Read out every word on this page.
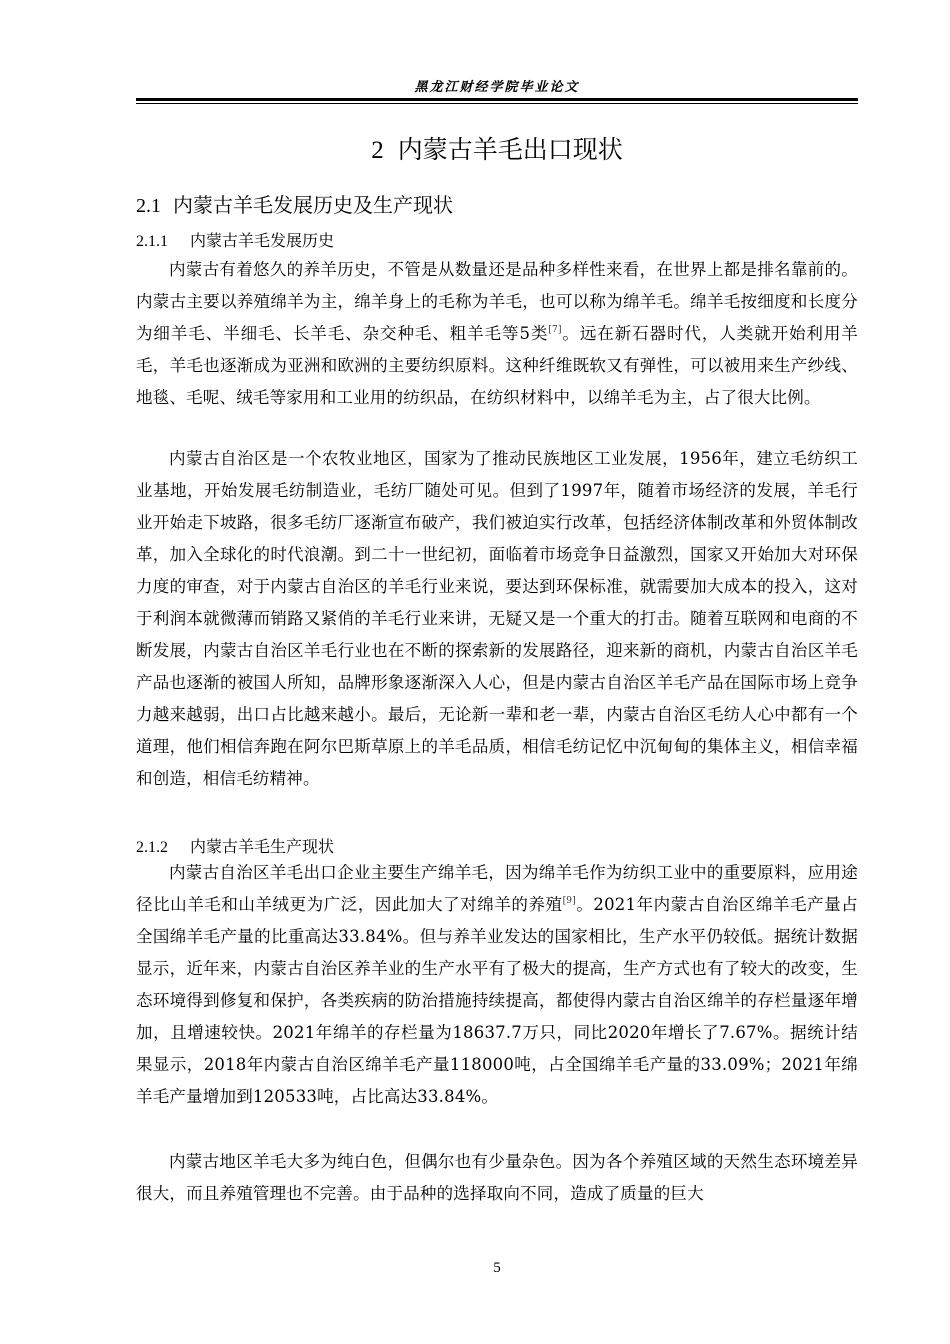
黑龙江财经学院毕业论文
2 内蒙古羊毛出口现状
2.1 内蒙古羊毛发展历史及生产现状
2.1.1 内蒙古羊毛发展历史

内蒙古有着悠久的养羊历史，不管是从数量还是品种多样性来看，在世界上都是排名靠前的。内蒙古主要以养殖绵羊为主，绵羊身上的毛称为羊毛，也可以称为绵羊毛。绵羊毛按细度和长度分为细羊毛、半细毛、长羊毛、杂交种毛、粗羊毛等5类[7]。远在新石器时代，人类就开始利用羊毛，羊毛也逐渐成为亚洲和欧洲的主要纺织原料。这种纤维既软又有弹性，可以被用来生产纱线、地毯、毛呢、绒毛等家用和工业用的纺织品，在纺织材料中，以绵羊毛为主，占了很大比例。

内蒙古自治区是一个农牧业地区，国家为了推动民族地区工业发展，1956年，建立毛纺织工业基地，开始发展毛纺制造业，毛纺厂随处可见。但到了1997年，随着市场经济的发展，羊毛行业开始走下坡路，很多毛纺厂逐渐宣布破产，我们被迫实行改革，包括经济体制改革和外贸体制改革，加入全球化的时代浪潮。到二十一世纪初，面临着市场竞争日益激烈，国家又开始加大对环保力度的审查，对于内蒙古自治区的羊毛行业来说，要达到环保标准，就需要加大成本的投入，这对于利润本就微薄而销路又紧俏的羊毛行业来讲，无疑又是一个重大的打击。随着互联网和电商的不断发展，内蒙古自治区羊毛行业也在不断的探索新的发展路径，迎来新的商机，内蒙古自治区羊毛产品也逐渐的被国人所知，品牌形象逐渐深入人心，但是内蒙古自治区羊毛产品在国际市场上竞争力越来越弱，出口占比越来越小。最后，无论新一辈和老一辈，内蒙古自治区毛纺人心中都有一个道理，他们相信奔跑在阿尔巴斯草原上的羊毛品质，相信毛纺记忆中沉甸甸的集体主义，相信幸福和创造，相信毛纺精神。

2.1.2 内蒙古羊毛生产现状

内蒙古自治区羊毛出口企业主要生产绵羊毛，因为绵羊毛作为纺织工业中的重要原料，应用途径比山羊毛和山羊绒更为广泛，因此加大了对绵羊的养殖[9]。2021年内蒙古自治区绵羊毛产量占全国绵羊毛产量的比重高达33.84%。但与养羊业发达的国家相比，生产水平仍较低。据统计数据显示，近年来，内蒙古自治区养羊业的生产水平有了极大的提高，生产方式也有了较大的改变，生态环境得到修复和保护，各类疾病的防治措施持续提高，都使得内蒙古自治区绵羊的存栏量逐年增加，且增速较快。2021年绵羊的存栏量为18637.7万只，同比2020年增长了7.67%。据统计结果显示，2018年内蒙古自治区绵羊毛产量118000吨，占全国绵羊毛产量的33.09%；2021年绵羊毛产量增加到120533吨，占比高达33.84%。

内蒙古地区羊毛大多为纯白色，但偶尔也有少量杂色。因为各个养殖区域的天然生态环境差异很大，而且养殖管理也不完善。由于品种的选择取向不同，造成了质量的巨大

5
